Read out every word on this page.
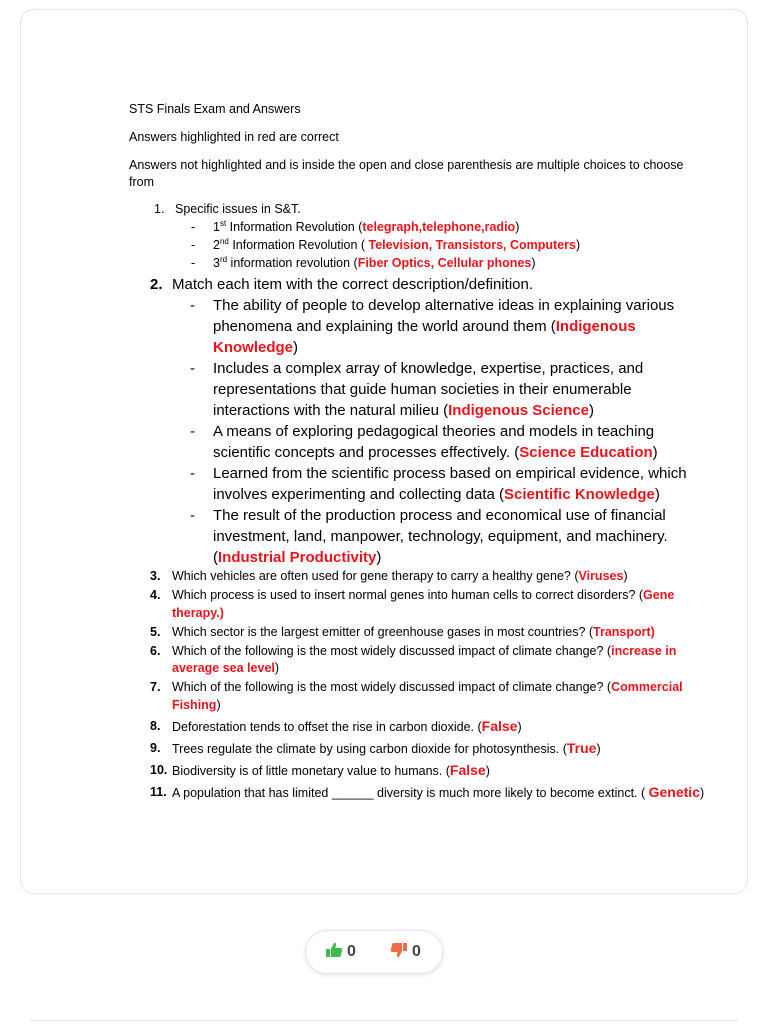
STS Finals Exam and Answers

Answers highlighted in red are correct

Answers not highlighted and is inside the open and close parenthesis are multiple choices to choose from

1. Specific issues in S&T.
- 1st Information Revolution (telegraph,telephone,radio)
- 2nd Information Revolution ( Television, Transistors, Computers)
- 3rd information revolution (Fiber Optics, Cellular phones)
2. Match each item with the correct description/definition.
- The ability of people to develop alternative ideas in explaining various phenomena and explaining the world around them (Indigenous Knowledge)
- Includes a complex array of knowledge, expertise, practices, and representations that guide human societies in their enumerable interactions with the natural milieu (Indigenous Science)
- A means of exploring pedagogical theories and models in teaching scientific concepts and processes effectively. (Science Education)
- Learned from the scientific process based on empirical evidence, which involves experimenting and collecting data (Scientific Knowledge)
- The result of the production process and economical use of financial investment, land, manpower, technology, equipment, and machinery. (Industrial Productivity)
3. Which vehicles are often used for gene therapy to carry a healthy gene? (Viruses)
4. Which process is used to insert normal genes into human cells to correct disorders? (Gene therapy.)
5. Which sector is the largest emitter of greenhouse gases in most countries? (Transport)
6. Which of the following is the most widely discussed impact of climate change? (increase in average sea level)
7. Which of the following is the most widely discussed impact of climate change? (Commercial Fishing)
8. Deforestation tends to offset the rise in carbon dioxide. (False)
9. Trees regulate the climate by using carbon dioxide for photosynthesis. (True)
10. Biodiversity is of little monetary value to humans. (False)
11. A population that has limited ______ diversity is much more likely to become extinct. ( Genetic)
0	0
